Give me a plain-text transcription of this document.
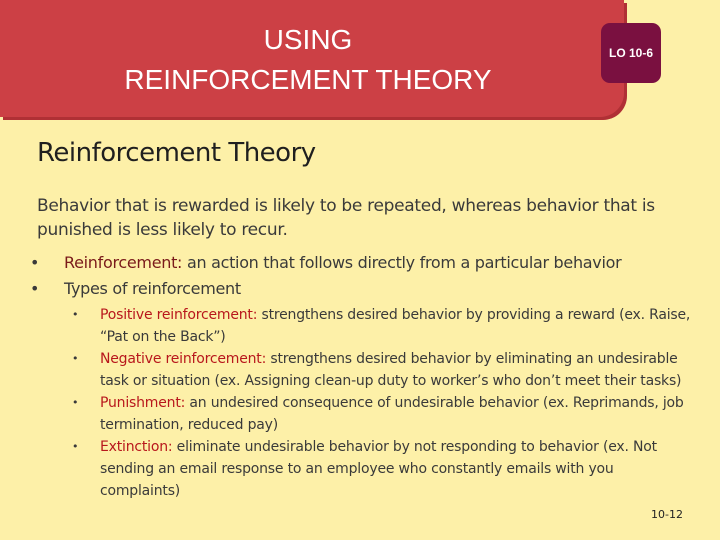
USING
REINFORCEMENT THEORY
LO 10-6
Reinforcement Theory
Behavior that is rewarded is likely to be repeated, whereas behavior that is punished is less likely to recur.
• Reinforcement: an action that follows directly from a particular behavior
• Types of reinforcement
• Positive reinforcement: strengthens desired behavior by providing a reward (ex. Raise, “Pat on the Back”)
• Negative reinforcement: strengthens desired behavior by eliminating an undesirable task or situation (ex. Assigning clean-up duty to worker’s who don’t meet their tasks)
• Punishment: an undesired consequence of undesirable behavior (ex. Reprimands, job termination, reduced pay)
• Extinction: eliminate undesirable behavior by not responding to behavior (ex. Not sending an email response to an employee who constantly emails with you complaints)
10-12
